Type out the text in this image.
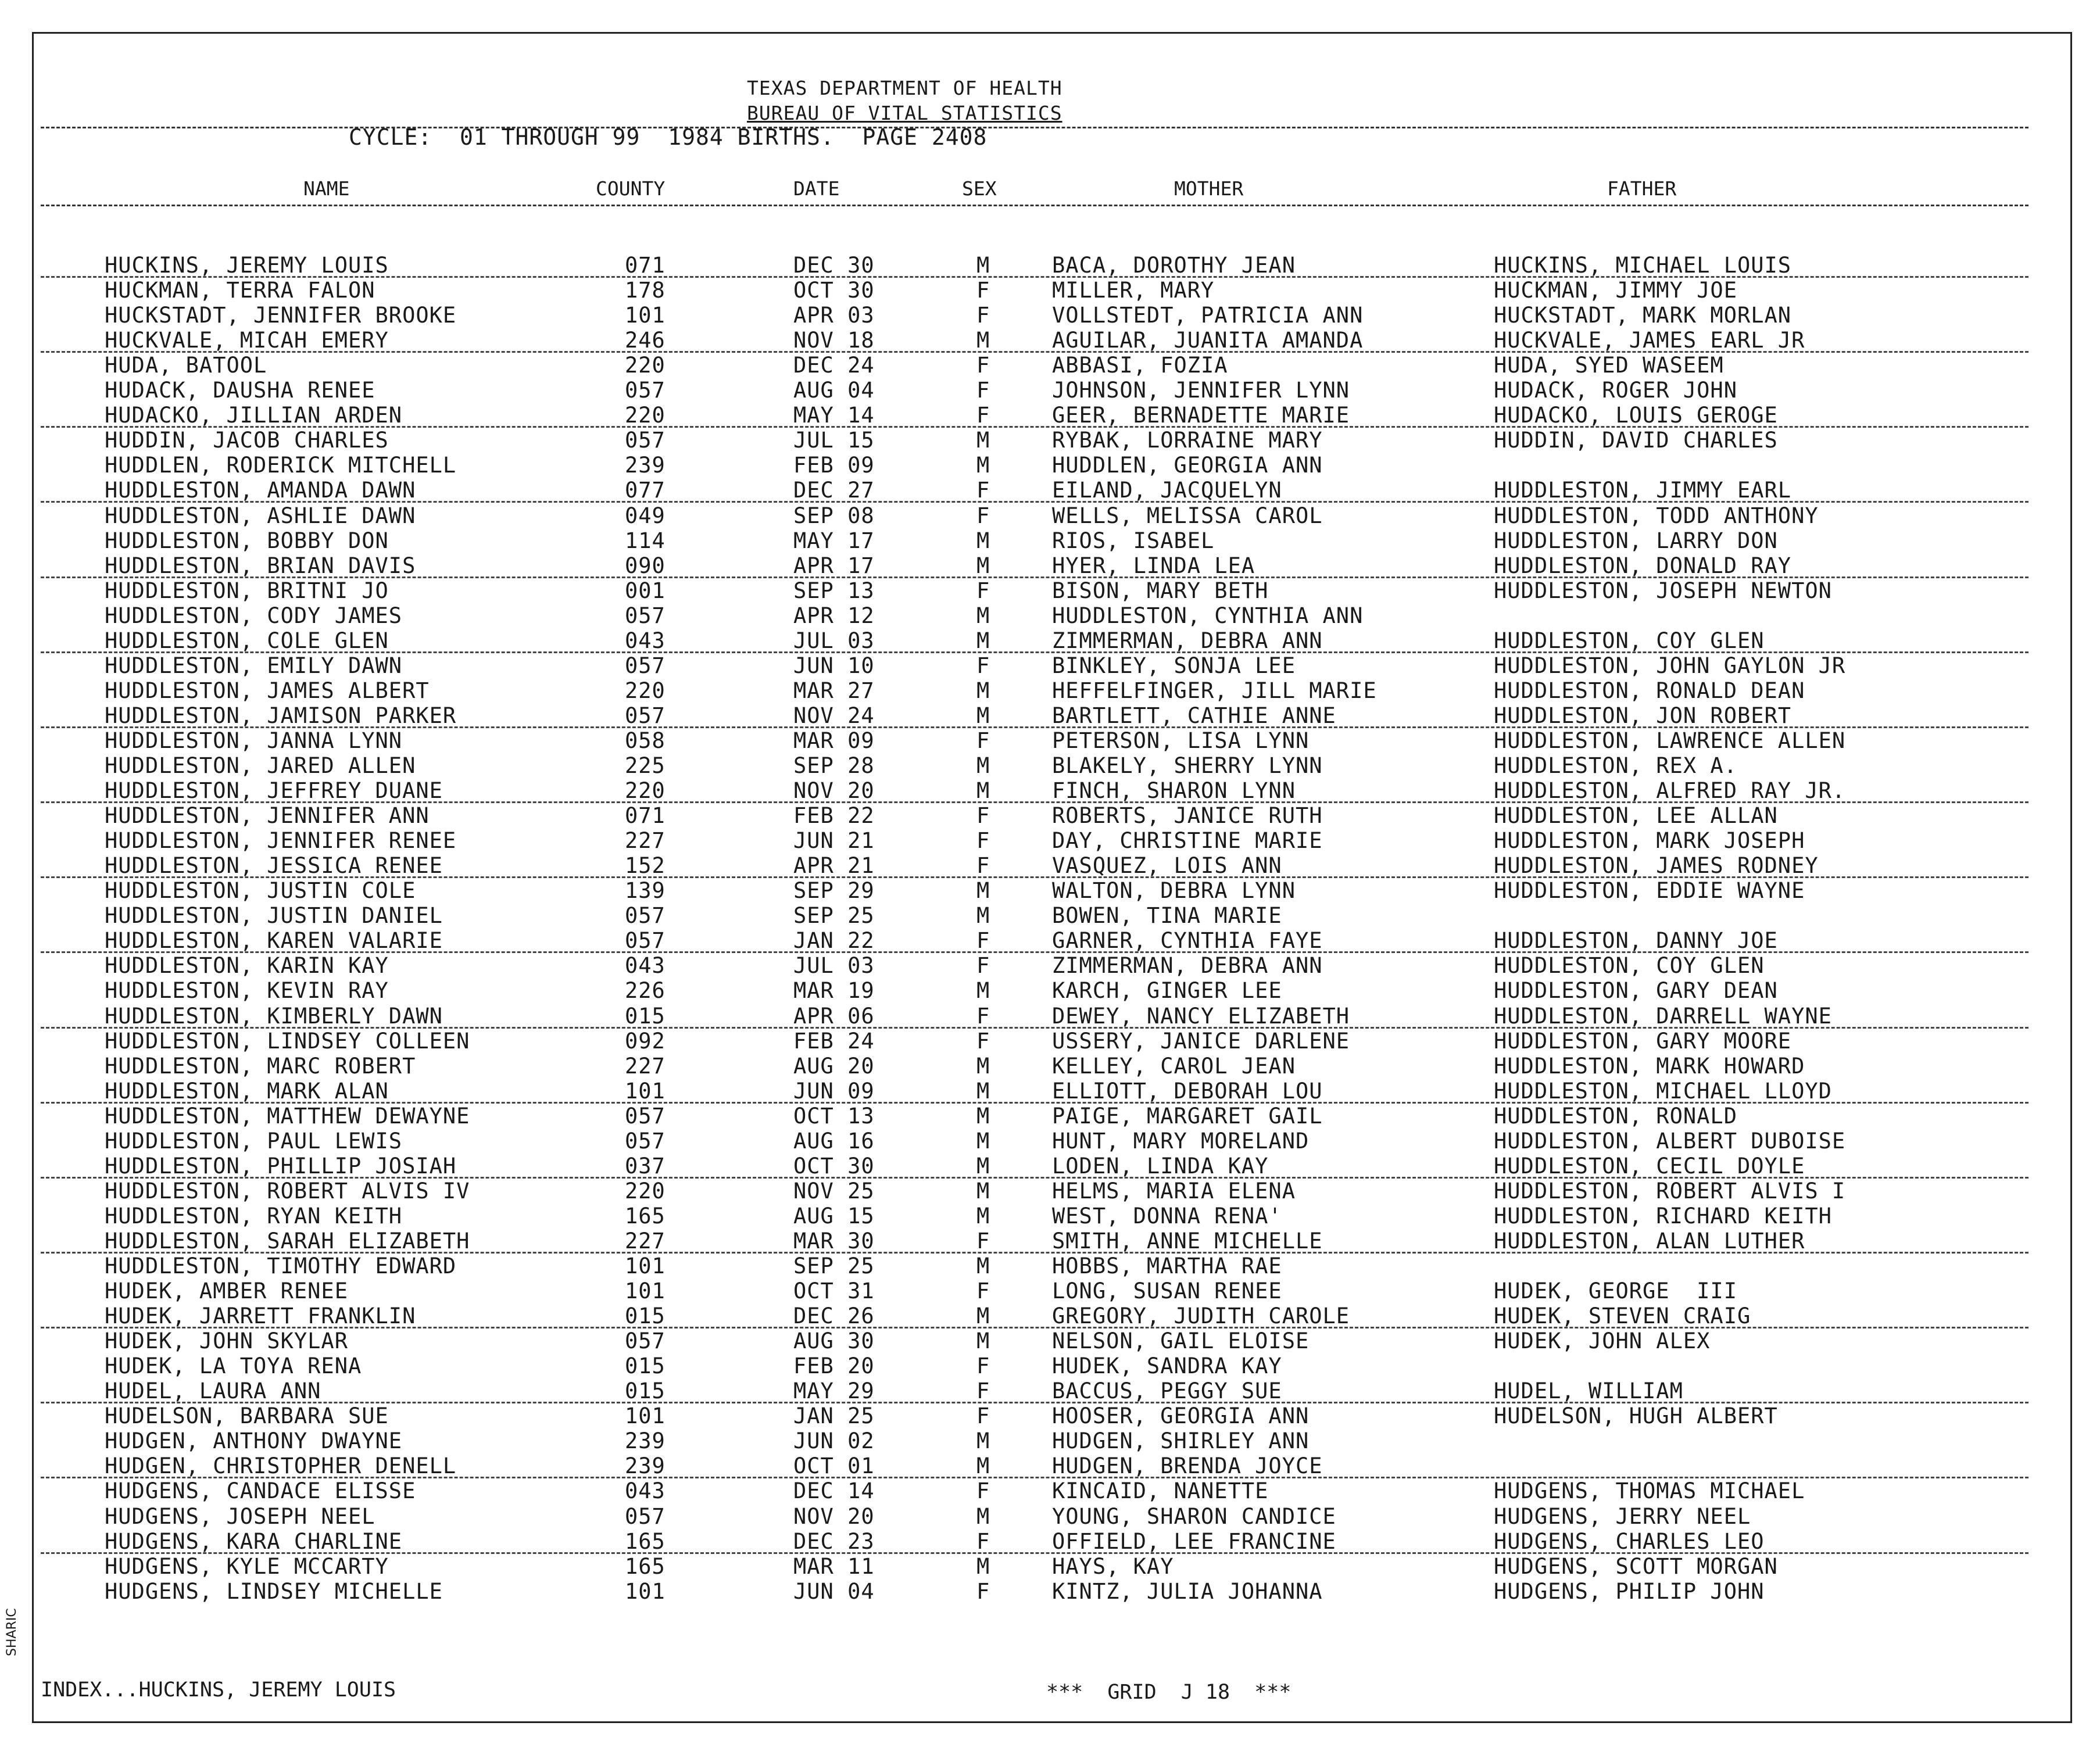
TEXAS DEPARTMENT OF HEALTH
BUREAU OF VITAL STATISTICS
CYCLE:  01 THROUGH 99  1984 BIRTHS.  PAGE 2408
NAME	COUNTY	DATE	SEX	MOTHER	FATHER
HUCKINS, JEREMY LOUIS	071	DEC 30	M	BACA, DOROTHY JEAN	HUCKINS, MICHAEL LOUIS
HUCKMAN, TERRA FALON	178	OCT 30	F	MILLER, MARY	HUCKMAN, JIMMY JOE
HUCKSTADT, JENNIFER BROOKE	101	APR 03	F	VOLLSTEDT, PATRICIA ANN	HUCKSTADT, MARK MORLAN
HUCKVALE, MICAH EMERY	246	NOV 18	M	AGUILAR, JUANITA AMANDA	HUCKVALE, JAMES EARL JR
HUDA, BATOOL	220	DEC 24	F	ABBASI, FOZIA	HUDA, SYED WASEEM
HUDACK, DAUSHA RENEE	057	AUG 04	F	JOHNSON, JENNIFER LYNN	HUDACK, ROGER JOHN
HUDACKO, JILLIAN ARDEN	220	MAY 14	F	GEER, BERNADETTE MARIE	HUDACKO, LOUIS GEROGE
HUDDIN, JACOB CHARLES	057	JUL 15	M	RYBAK, LORRAINE MARY	HUDDIN, DAVID CHARLES
HUDDLEN, RODERICK MITCHELL	239	FEB 09	M	HUDDLEN, GEORGIA ANN
HUDDLESTON, AMANDA DAWN	077	DEC 27	F	EILAND, JACQUELYN	HUDDLESTON, JIMMY EARL
HUDDLESTON, ASHLIE DAWN	049	SEP 08	F	WELLS, MELISSA CAROL	HUDDLESTON, TODD ANTHONY
HUDDLESTON, BOBBY DON	114	MAY 17	M	RIOS, ISABEL	HUDDLESTON, LARRY DON
HUDDLESTON, BRIAN DAVIS	090	APR 17	M	HYER, LINDA LEA	HUDDLESTON, DONALD RAY
HUDDLESTON, BRITNI JO	001	SEP 13	F	BISON, MARY BETH	HUDDLESTON, JOSEPH NEWTON
HUDDLESTON, CODY JAMES	057	APR 12	M	HUDDLESTON, CYNTHIA ANN
HUDDLESTON, COLE GLEN	043	JUL 03	M	ZIMMERMAN, DEBRA ANN	HUDDLESTON, COY GLEN
HUDDLESTON, EMILY DAWN	057	JUN 10	F	BINKLEY, SONJA LEE	HUDDLESTON, JOHN GAYLON JR
HUDDLESTON, JAMES ALBERT	220	MAR 27	M	HEFFELFINGER, JILL MARIE	HUDDLESTON, RONALD DEAN
HUDDLESTON, JAMISON PARKER	057	NOV 24	M	BARTLETT, CATHIE ANNE	HUDDLESTON, JON ROBERT
HUDDLESTON, JANNA LYNN	058	MAR 09	F	PETERSON, LISA LYNN	HUDDLESTON, LAWRENCE ALLEN
HUDDLESTON, JARED ALLEN	225	SEP 28	M	BLAKELY, SHERRY LYNN	HUDDLESTON, REX A.
HUDDLESTON, JEFFREY DUANE	220	NOV 20	M	FINCH, SHARON LYNN	HUDDLESTON, ALFRED RAY JR.
HUDDLESTON, JENNIFER ANN	071	FEB 22	F	ROBERTS, JANICE RUTH	HUDDLESTON, LEE ALLAN
HUDDLESTON, JENNIFER RENEE	227	JUN 21	F	DAY, CHRISTINE MARIE	HUDDLESTON, MARK JOSEPH
HUDDLESTON, JESSICA RENEE	152	APR 21	F	VASQUEZ, LOIS ANN	HUDDLESTON, JAMES RODNEY
HUDDLESTON, JUSTIN COLE	139	SEP 29	M	WALTON, DEBRA LYNN	HUDDLESTON, EDDIE WAYNE
HUDDLESTON, JUSTIN DANIEL	057	SEP 25	M	BOWEN, TINA MARIE
HUDDLESTON, KAREN VALARIE	057	JAN 22	F	GARNER, CYNTHIA FAYE	HUDDLESTON, DANNY JOE
HUDDLESTON, KARIN KAY	043	JUL 03	F	ZIMMERMAN, DEBRA ANN	HUDDLESTON, COY GLEN
HUDDLESTON, KEVIN RAY	226	MAR 19	M	KARCH, GINGER LEE	HUDDLESTON, GARY DEAN
HUDDLESTON, KIMBERLY DAWN	015	APR 06	F	DEWEY, NANCY ELIZABETH	HUDDLESTON, DARRELL WAYNE
HUDDLESTON, LINDSEY COLLEEN	092	FEB 24	F	USSERY, JANICE DARLENE	HUDDLESTON, GARY MOORE
HUDDLESTON, MARC ROBERT	227	AUG 20	M	KELLEY, CAROL JEAN	HUDDLESTON, MARK HOWARD
HUDDLESTON, MARK ALAN	101	JUN 09	M	ELLIOTT, DEBORAH LOU	HUDDLESTON, MICHAEL LLOYD
HUDDLESTON, MATTHEW DEWAYNE	057	OCT 13	M	PAIGE, MARGARET GAIL	HUDDLESTON, RONALD
HUDDLESTON, PAUL LEWIS	057	AUG 16	M	HUNT, MARY MORELAND	HUDDLESTON, ALBERT DUBOISE
HUDDLESTON, PHILLIP JOSIAH	037	OCT 30	M	LODEN, LINDA KAY	HUDDLESTON, CECIL DOYLE
HUDDLESTON, ROBERT ALVIS IV	220	NOV 25	M	HELMS, MARIA ELENA	HUDDLESTON, ROBERT ALVIS I
HUDDLESTON, RYAN KEITH	165	AUG 15	M	WEST, DONNA RENA'	HUDDLESTON, RICHARD KEITH
HUDDLESTON, SARAH ELIZABETH	227	MAR 30	F	SMITH, ANNE MICHELLE	HUDDLESTON, ALAN LUTHER
HUDDLESTON, TIMOTHY EDWARD	101	SEP 25	M	HOBBS, MARTHA RAE
HUDEK, AMBER RENEE	101	OCT 31	F	LONG, SUSAN RENEE	HUDEK, GEORGE  III
HUDEK, JARRETT FRANKLIN	015	DEC 26	M	GREGORY, JUDITH CAROLE	HUDEK, STEVEN CRAIG
HUDEK, JOHN SKYLAR	057	AUG 30	M	NELSON, GAIL ELOISE	HUDEK, JOHN ALEX
HUDEK, LA TOYA RENA	015	FEB 20	F	HUDEK, SANDRA KAY
HUDEL, LAURA ANN	015	MAY 29	F	BACCUS, PEGGY SUE	HUDEL, WILLIAM
HUDELSON, BARBARA SUE	101	JAN 25	F	HOOSER, GEORGIA ANN	HUDELSON, HUGH ALBERT
HUDGEN, ANTHONY DWAYNE	239	JUN 02	M	HUDGEN, SHIRLEY ANN
HUDGEN, CHRISTOPHER DENELL	239	OCT 01	M	HUDGEN, BRENDA JOYCE
HUDGENS, CANDACE ELISSE	043	DEC 14	F	KINCAID, NANETTE	HUDGENS, THOMAS MICHAEL
HUDGENS, JOSEPH NEEL	057	NOV 20	M	YOUNG, SHARON CANDICE	HUDGENS, JERRY NEEL
HUDGENS, KARA CHARLINE	165	DEC 23	F	OFFIELD, LEE FRANCINE	HUDGENS, CHARLES LEO
HUDGENS, KYLE MCCARTY	165	MAR 11	M	HAYS, KAY	HUDGENS, SCOTT MORGAN
HUDGENS, LINDSEY MICHELLE	101	JUN 04	F	KINTZ, JULIA JOHANNA	HUDGENS, PHILIP JOHN
INDEX...HUCKINS, JEREMY LOUIS	***  GRID  J 18  ***
SHARIC
